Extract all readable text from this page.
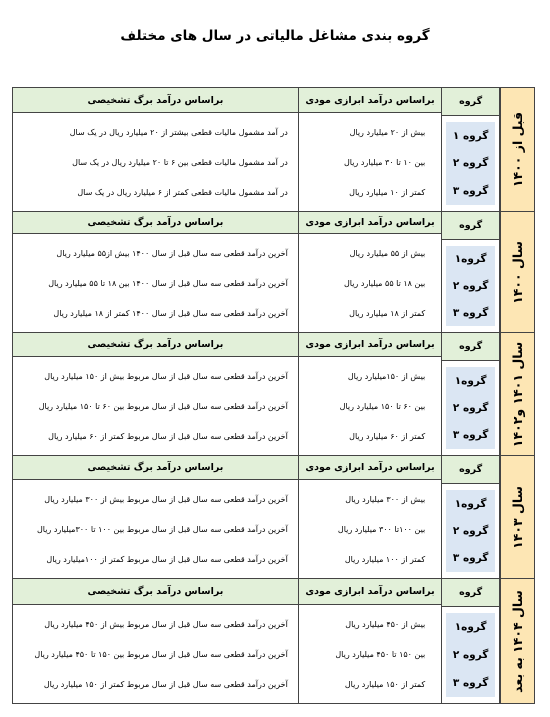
گروه بندی مشاغل مالیاتی در سال های مختلف
براساس درآمد برگ تشخیصی
در آمد مشمول مالیات قطعی بیشتر از ۲۰ میلیارد ریال در یک سال
در آمد مشمول مالیات قطعی بین ۶ تا ۲۰ میلیارد ریال در یک سال
در آمد مشمول مالیات قطعی کمتر از ۶ میلیارد ریال در یک سال
براساس درآمد ابرازی مودی
بیش از ۲۰ میلیارد ریال
بین ۱۰ تا ۳۰ میلیارد ریال
کمتر از ۱۰ میلیارد ریال
گروه
گروه ۱
گروه ۲
گروه ۳
قبل از ۱۴۰۰
براساس درآمد برگ تشخیصی
آخرین درآمد قطعی سه سال قبل از سال ۱۴۰۰ بیش از۵۵ میلیارد ریال
آخرین درآمد قطعی سه سال قبل از سال ۱۴۰۰ بین ۱۸ تا ۵۵ میلیارد ریال
آخرین درآمد قطعی سه سال قبل از سال ۱۴۰۰ کمتر از ۱۸ میلیارد ریال
براساس درآمد ابرازی مودی
بیش از ۵۵ میلیارد ریال
بین ۱۸ تا ۵۵ میلیارد ریال
کمتر از ۱۸ میلیارد ریال
گروه
گروه۱
گروه ۲
گروه ۳
سال ۱۴۰۰
براساس درآمد برگ تشخیصی
آخرین درآمد قطعی سه سال قبل از سال مربوط بیش از ۱۵۰ میلیارد ریال
آخرین درآمد قطعی سه سال قبل از سال مربوط بین ۶۰ تا ۱۵۰ میلیارد ریال
آخرین درآمد قطعی سه سال قبل از سال مربوط کمتر از ۶۰ میلیارد ریال
براساس درآمد ابرازی مودی
بیش از ۱۵۰میلیارد ریال
بین ۶۰ تا ۱۵۰ میلیارد ریال
کمتر از ۶۰ میلیارد ریال
گروه
گروه۱
گروه ۲
گروه ۳ سال ۱۴۰۱ و۱۴۰۲
براساس درآمد برگ تشخیصی
آخرین درآمد قطعی سه سال قبل از سال مربوط بیش از ۳۰۰ میلیارد ریال
آخرین درآمد قطعی سه سال قبل از سال مربوط بین ۱۰۰ تا ۳۰۰میلیارد ریال
آخرین درآمد قطعی سه سال قبل از سال مربوط کمتر از ۱۰۰میلیارد ریال
براساس درآمد ابرازی مودی
بیش از ۳۰۰ میلیارد ریال
بین ۱۰۰تا ۳۰۰ میلیارد ریال
کمتر از ۱۰۰ میلیارد ریال
گروه
گروه۱
گروه ۲
گروه ۳
سال ۱۴۰۳
براساس درآمد برگ تشخیصی
آخرین درآمد قطعی سه سال قبل از سال مربوط بیش از ۴۵۰ میلیارد ریال
آخرین درآمد قطعی سه سال قبل از سال مربوط بین ۱۵۰ تا ۴۵۰ میلیارد ریال
آخرین درآمد قطعی سه سال قبل از سال مربوط کمتر از ۱۵۰ میلیارد ریال
براساس درآمد ابرازی مودی
بیش از ۴۵۰ میلیارد ریال
بین ۱۵۰ تا ۴۵۰ میلیارد ریال
کمتر از ۱۵۰ میلیارد ریال
گروه
گروه۱
گروه ۲
گروه ۳ سال ۱۴۰۴ به بعد
